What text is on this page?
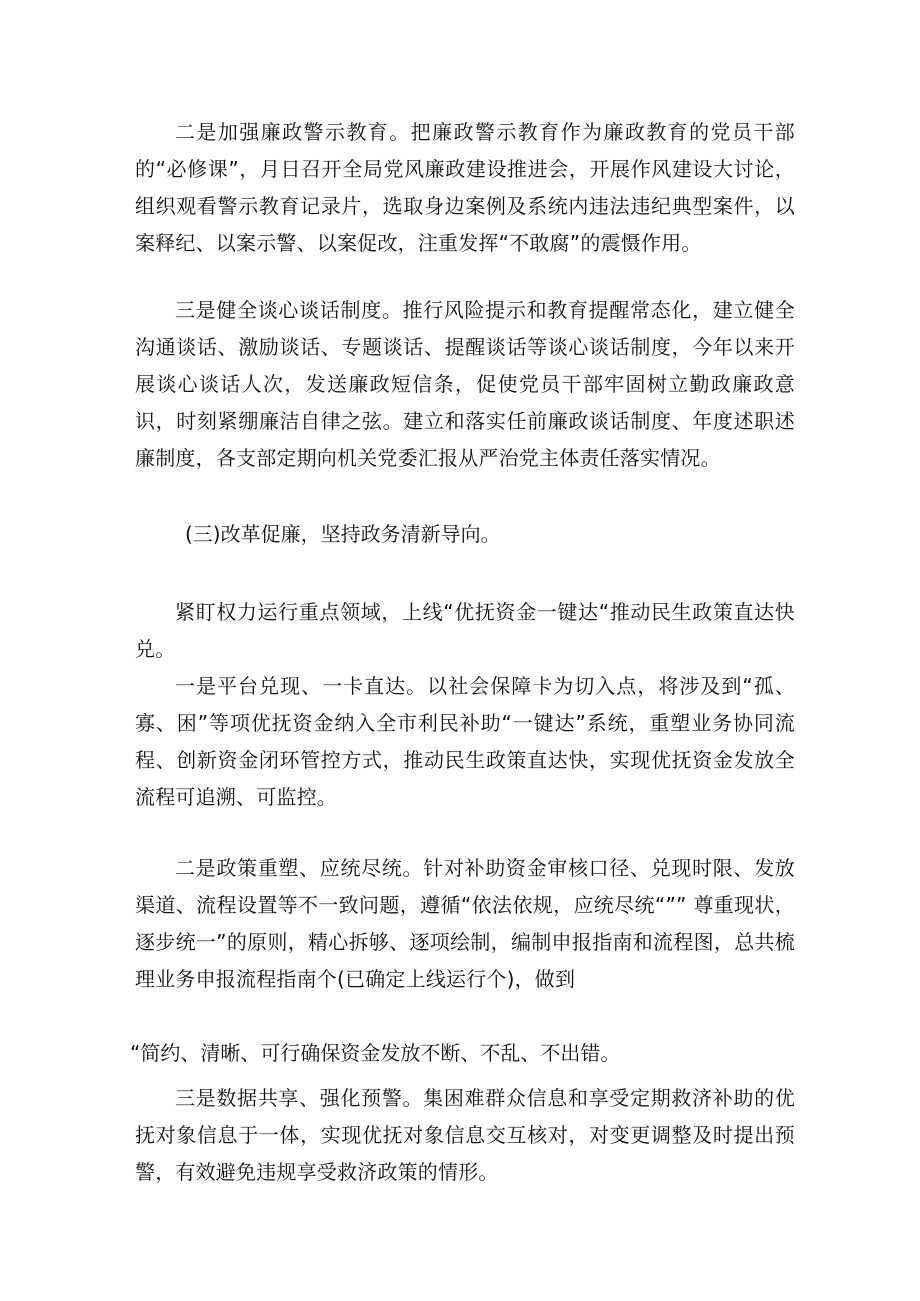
二是加强廉政警示教育。把廉政警示教育作为廉政教育的党员干部的“必修课”，月日召开全局党风廉政建设推进会，开展作风建设大讨论，组织观看警示教育记录片，选取身边案例及系统内违法违纪典型案件，以案释纪、以案示警、以案促改，注重发挥“不敢腐”的震慑作用。

三是健全谈心谈话制度。推行风险提示和教育提醒常态化，建立健全沟通谈话、激励谈话、专题谈话、提醒谈话等谈心谈话制度，今年以来开展谈心谈话人次，发送廉政短信条，促使党员干部牢固树立勤政廉政意识，时刻紧绷廉洁自律之弦。建立和落实任前廉政谈话制度、年度述职述廉制度，各支部定期向机关党委汇报从严治党主体责任落实情况。

(三)改革促廉，坚持政务清新导向。

紧盯权力运行重点领域，上线“优抚资金一键达“推动民生政策直达快兑。

一是平台兑现、一卡直达。以社会保障卡为切入点，将涉及到“孤、寡、困”等项优抚资金纳入全市利民补助“一键达”系统，重塑业务协同流程、创新资金闭环管控方式，推动民生政策直达快，实现优抚资金发放全流程可追溯、可监控。

二是政策重塑、应统尽统。针对补助资金审核口径、兑现时限、发放渠道、流程设置等不一致问题，遵循“依法依规，应统尽统“”” 尊重现状，逐步统一”的原则，精心拆够、逐项绘制，编制申报指南和流程图，总共梳理业务申报流程指南个(已确定上线运行个)，做到

“简约、清晰、可行确保资金发放不断、不乱、不出错。

三是数据共享、强化预警。集困难群众信息和享受定期救济补助的优抚对象信息于一体，实现优抚对象信息交互核对，对变更调整及时提出预警，有效避免违规享受救济政策的情形。
